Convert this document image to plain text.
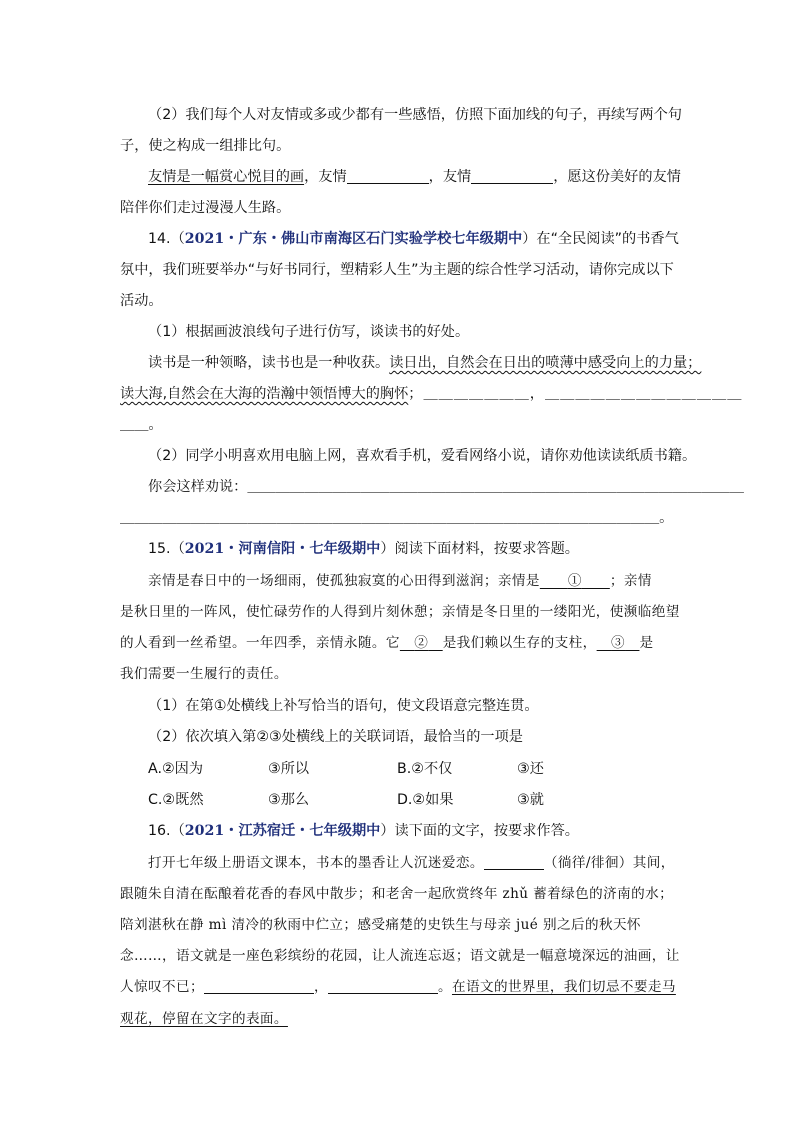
（2）我们每个人对友情或多或少都有一些感悟，仿照下面加线的句子，再续写两个句
子，使之构成一组排比句。
友情是一幅赏心悦目的画，友情	，友情	，愿这份美好的友情
陪伴你们走过漫漫人生路。
14.（2021・广东・佛山市南海区石门实验学校七年级期中）在“全民阅读”的书香气
氛中，我们班要举办“与好书同行，塑精彩人生”为主题的综合性学习活动，请你完成以下
活动。
（1）根据画波浪线句子进行仿写，谈读书的好处。
读书是一种领略，读书也是一种收获。读日出，自然会在日出的喷薄中感受向上的力量；
读大海,自然会在大海的浩瀚中领悟博大的胸怀；＿＿＿＿＿＿＿，＿＿＿＿＿＿＿＿＿＿＿＿＿
＿＿。
（2）同学小明喜欢用电脑上网，喜欢看手机，爱看网络小说，请你劝他读读纸质书籍。
你会这样劝说：＿＿＿＿＿＿＿＿＿＿＿＿＿＿＿＿＿＿＿＿＿＿＿＿＿＿＿＿＿＿＿＿＿＿＿
＿＿＿＿＿＿＿＿＿＿＿＿＿＿＿＿＿＿＿＿＿＿＿＿＿＿＿＿＿＿＿＿＿＿＿＿＿＿。
15.（2021・河南信阳・七年级期中）阅读下面材料，按要求答题。
亲情是春日中的一场细雨，使孤独寂寞的心田得到滋润；亲情是   ①   ；亲情
是秋日里的一阵风，使忙碌劳作的人得到片刻休憩；亲情是冬日里的一缕阳光，使濒临绝望
的人看到一丝希望。一年四季，亲情永随。它   ②   是我们赖以生存的支柱，   ③   是
我们需要一生履行的责任。
（1）在第①处横线上补写恰当的语句，使文段语意完整连贯。
（2）依次填入第②③处横线上的关联词语，最恰当的一项是
A.②因为	③所以	B.②不仅	③还
C.②既然	③那么	D.②如果	③就
16.（2021・江苏宿迁・七年级期中）读下面的文字，按要求作答。
打开七年级上册语文课本，书本的墨香让人沉迷爱恋。	（徜徉/徘徊）其间，
跟随朱自清在酝酿着花香的春风中散步；和老舍一起欣赏终年 zhǔ 蓄着绿色的济南的水；
陪刘湛秋在静 mì 清冷的秋雨中伫立；感受痛楚的史铁生与母亲 jué 别之后的秋天怀
念……，语文就是一座色彩缤纷的花园，让人流连忘返；语文就是一幅意境深远的油画，让
人惊叹不已；	，	。在语文的世界里，我们切忌不要走马
观花，停留在文字的表面。
